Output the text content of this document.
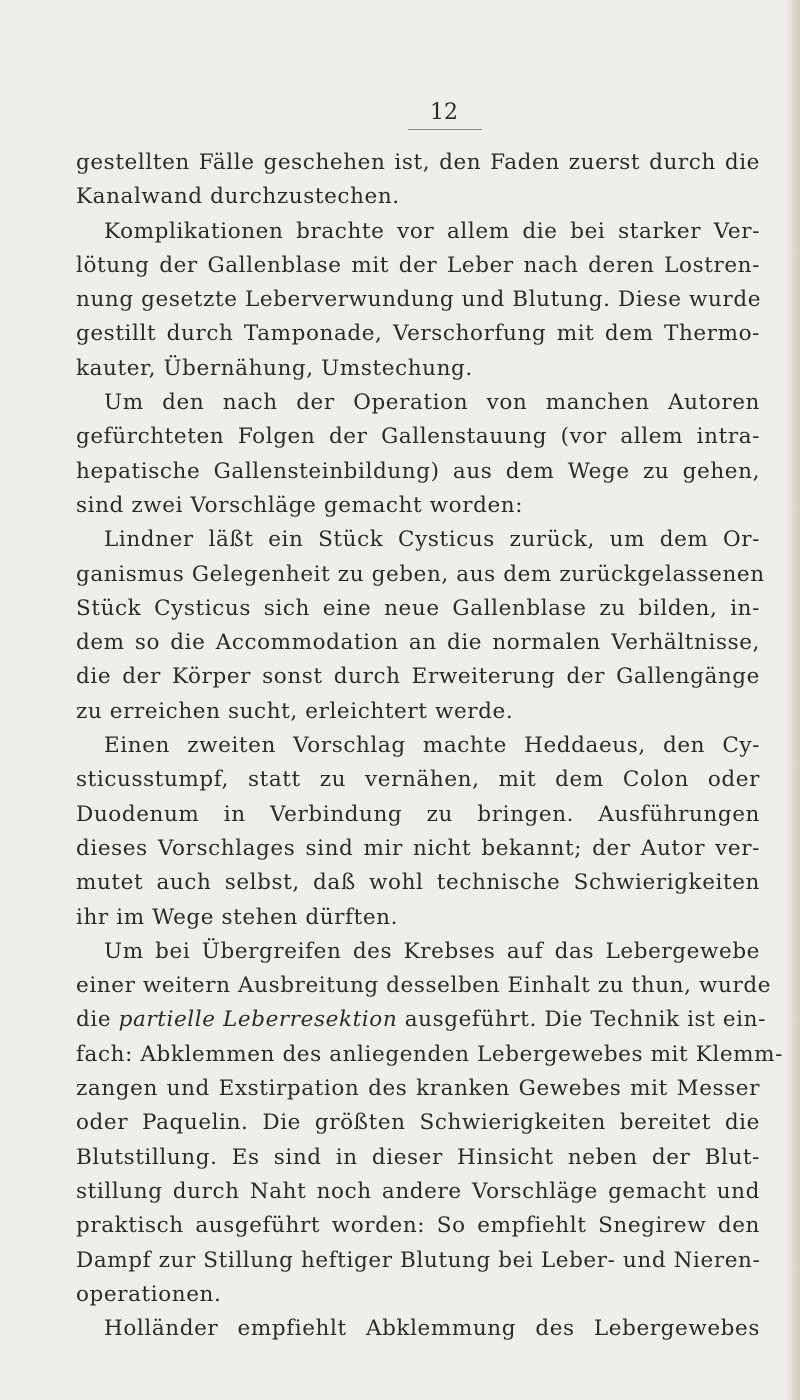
12
gestellten Fälle geschehen ist, den Faden zuerst durch die
Kanalwand durchzustechen.
Komplikationen brachte vor allem die bei starker Ver-
lötung der Gallenblase mit der Leber nach deren Lostren-
nung gesetzte Leberverwundung und Blutung. Diese wurde
gestillt durch Tamponade, Verschorfung mit dem Thermo-
kauter, Übernähung, Umstechung.
Um den nach der Operation von manchen Autoren
gefürchteten Folgen der Gallenstauung (vor allem intra-
hepatische Gallensteinbildung) aus dem Wege zu gehen,
sind zwei Vorschläge gemacht worden:
Lindner läßt ein Stück Cysticus zurück, um dem Or-
ganismus Gelegenheit zu geben, aus dem zurückgelassenen
Stück Cysticus sich eine neue Gallenblase zu bilden, in-
dem so die Accommodation an die normalen Verhältnisse,
die der Körper sonst durch Erweiterung der Gallengänge
zu erreichen sucht, erleichtert werde.
Einen zweiten Vorschlag machte Heddaeus, den Cy-
sticusstumpf, statt zu vernähen, mit dem Colon oder
Duodenum in Verbindung zu bringen. Ausführungen
dieses Vorschlages sind mir nicht bekannt; der Autor ver-
mutet auch selbst, daß wohl technische Schwierigkeiten
ihr im Wege stehen dürften.
Um bei Übergreifen des Krebses auf das Lebergewebe
einer weitern Ausbreitung desselben Einhalt zu thun, wurde
die partielle Leberresektion ausgeführt. Die Technik ist ein-
fach: Abklemmen des anliegenden Lebergewebes mit Klemm-
zangen und Exstirpation des kranken Gewebes mit Messer
oder Paquelin. Die größten Schwierigkeiten bereitet die
Blutstillung. Es sind in dieser Hinsicht neben der Blut-
stillung durch Naht noch andere Vorschläge gemacht und
praktisch ausgeführt worden: So empfiehlt Snegirew den
Dampf zur Stillung heftiger Blutung bei Leber- und Nieren-
operationen.
Holländer empfiehlt Abklemmung des Lebergewebes
